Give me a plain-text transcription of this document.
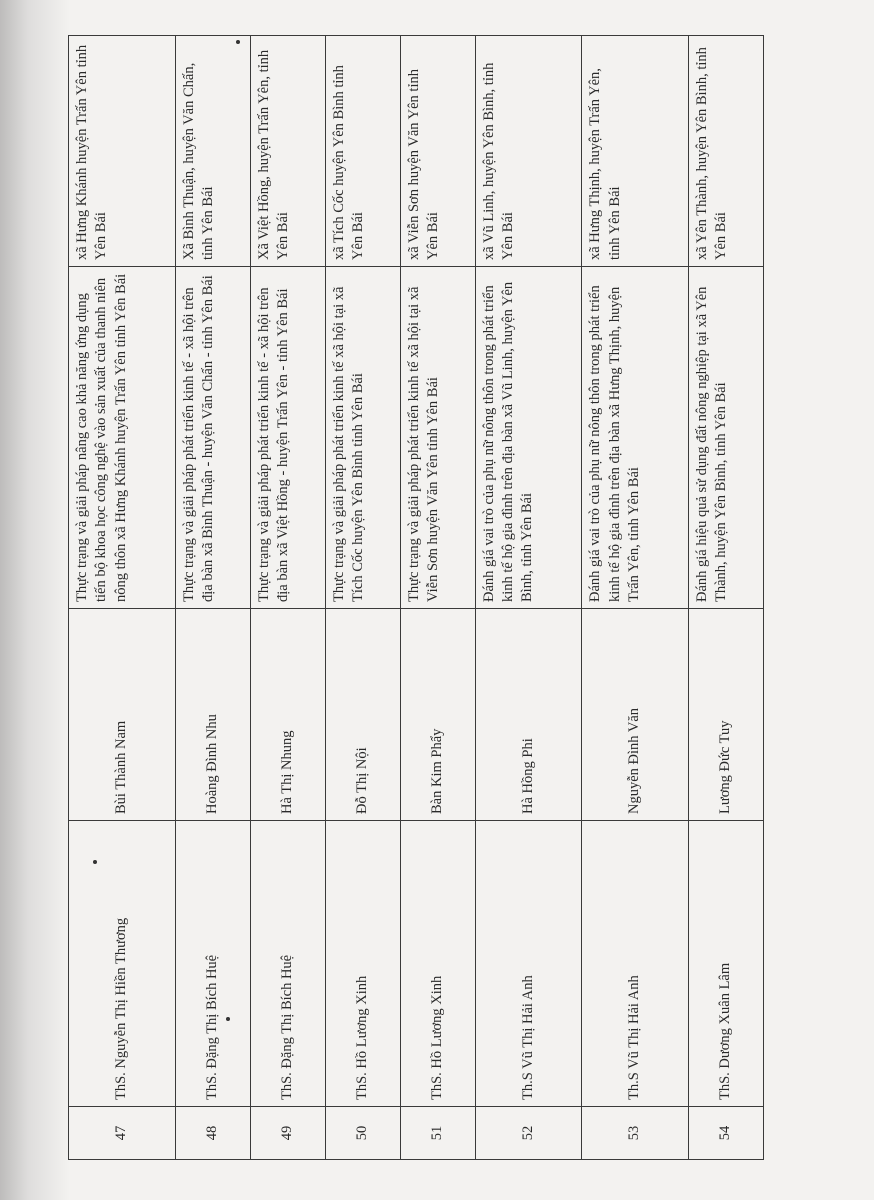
47	ThS. Nguyễn Thị Hiền Thương	Bùi Thành Nam	Thực trạng và giải pháp nâng cao khả năng ứng dụng tiến bộ khoa học công nghệ vào sản xuất của thanh niên nông thôn xã Hưng Khánh huyện Trấn Yên tỉnh Yên Bái	xã Hưng Khánh huyện Trấn Yên tỉnh Yên Bái
48	ThS. Đặng Thị Bích Huệ	Hoàng Đình Nhu	Thực trạng và giải pháp phát triển kinh tế - xã hội trên địa bàn xã Bình Thuận - huyện Văn Chấn - tỉnh Yên Bái	Xã Bình Thuận, huyện Văn Chấn, tỉnh Yên Bái
49	ThS. Đặng Thị Bích Huệ	Hà Thị Nhung	Thực trạng và giải pháp phát triển kinh tế - xã hội trên địa bàn xã Việt Hồng - huyện Trấn Yên - tỉnh Yên Bái	Xã Việt Hồng, huyện Trấn Yên, tỉnh Yên Bái
50	ThS. Hồ Lương Xinh	Đỗ Thị Nội	Thực trạng và giải pháp phát triển kinh tế xã hội tại xã Tích Cốc huyện Yên Bình tỉnh Yên Bái	xã Tích Cốc huyện Yên Bình tỉnh Yên Bái
51	ThS. Hồ Lương Xinh	Bàn Kim Phẩy	Thực trạng và giải pháp phát triển kinh tế xã hội tại xã Viễn Sơn huyện Văn Yên tỉnh Yên Bái	xã Viễn Sơn huyện Văn Yên tỉnh Yên Bái
52	Th.S Vũ Thị Hải Anh	Hà Hồng Phi	Đánh giá vai trò của phụ nữ nông thôn trong phát triển kinh tế hộ gia đình trên địa bàn xã Vũ Linh, huyện Yên Bình, tỉnh Yên Bái	xã Vũ Linh, huyện Yên Bình, tỉnh Yên Bái
53	Th.S Vũ Thị Hải Anh	Nguyễn Đình Văn	Đánh giá vai trò của phụ nữ nông thôn trong phát triển kinh tế hộ gia đình trên địa bàn xã Hưng Thịnh, huyện Trấn Yên, tỉnh Yên Bái	xã Hưng Thịnh, huyện Trấn Yên, tỉnh Yên Bái
54	ThS. Dương Xuân Lâm	Lương Đức Tuy	Đánh giá hiệu quả sử dụng đất nông nghiệp tại xã Yên Thành, huyện Yên Bình, tỉnh Yên Bái	xã Yên Thành, huyện Yên Bình, tỉnh Yên Bái
